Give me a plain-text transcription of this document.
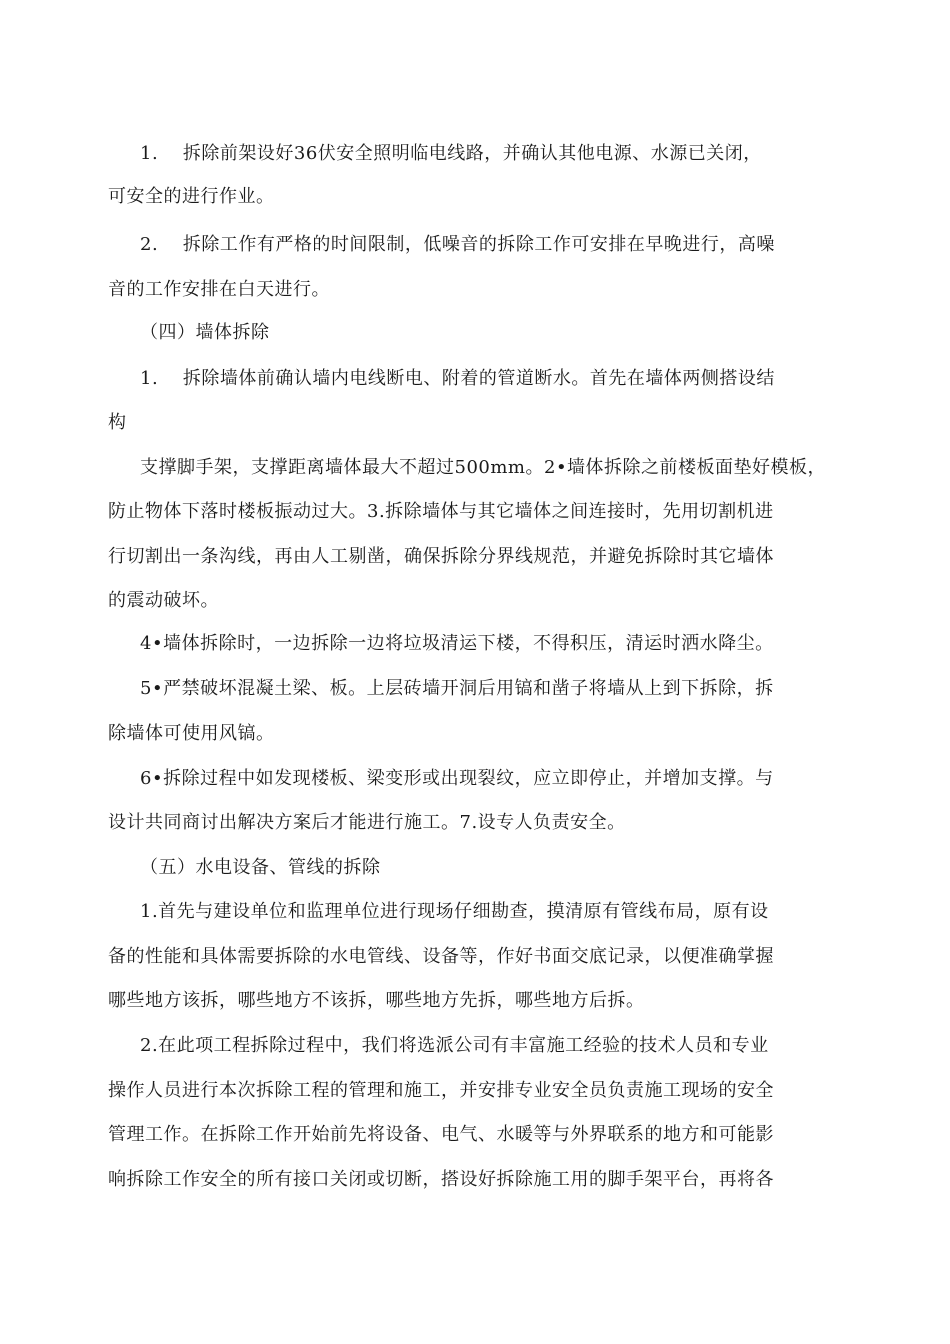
1.　 拆除前架设好36伏安全照明临电线路，并确认其他电源、水源已关闭，
可安全的进行作业。
2.　 拆除工作有严格的时间限制，低噪音的拆除工作可安排在早晚进行，高噪
音的工作安排在白天进行。
（四）墙体拆除
1.　 拆除墙体前确认墙内电线断电、附着的管道断水。首先在墙体两侧搭设结
构
支撑脚手架，支撑距离墙体最大不超过500mm。2•墙体拆除之前楼板面垫好模板，
防止物体下落时楼板振动过大。3.拆除墙体与其它墙体之间连接时，先用切割机进
行切割出一条沟线，再由人工剔凿，确保拆除分界线规范，并避免拆除时其它墙体
的震动破坏。
4•墙体拆除时，一边拆除一边将垃圾清运下楼，不得积压，清运时洒水降尘。
5•严禁破坏混凝土梁、板。上层砖墙开洞后用镐和凿子将墙从上到下拆除，拆
除墙体可使用风镐。
6•拆除过程中如发现楼板、梁变形或出现裂纹，应立即停止，并增加支撑。与
设计共同商讨出解决方案后才能进行施工。7.设专人负责安全。
（五）水电设备、管线的拆除
1.首先与建设单位和监理单位进行现场仔细勘查，摸清原有管线布局，原有设
备的性能和具体需要拆除的水电管线、设备等，作好书面交底记录，以便准确掌握
哪些地方该拆，哪些地方不该拆，哪些地方先拆，哪些地方后拆。
2.在此项工程拆除过程中，我们将选派公司有丰富施工经验的技术人员和专业
操作人员进行本次拆除工程的管理和施工，并安排专业安全员负责施工现场的安全
管理工作。在拆除工作开始前先将设备、电气、水暖等与外界联系的地方和可能影
响拆除工作安全的所有接口关闭或切断，搭设好拆除施工用的脚手架平台，再将各
